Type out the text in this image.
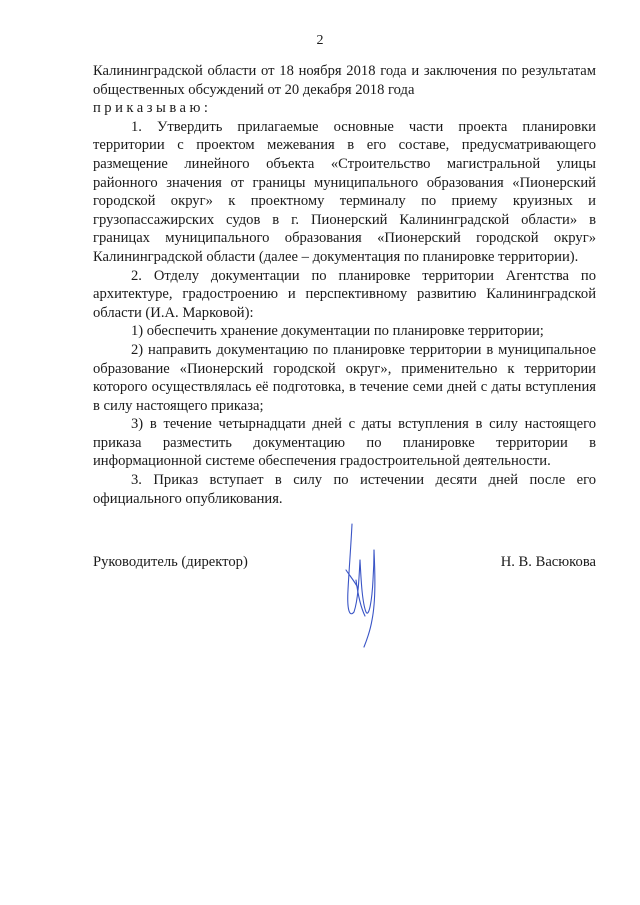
2

Калининградской области от 18 ноября 2018 года и заключения по результатам общественных обсуждений от 20 декабря 2018 года

приказываю:

1. Утвердить прилагаемые основные части проекта планировки территории с проектом межевания в его составе, предусматривающего размещение линейного объекта «Строительство магистральной улицы районного значения от границы муниципального образования «Пионерский городской округ» к проектному терминалу по приему круизных и грузопассажирских судов в г. Пионерский Калининградской области» в границах муниципального образования «Пионерский городской округ» Калининградской области (далее – документация по планировке территории).

2. Отделу документации по планировке территории Агентства по архитектуре, градостроению и перспективному развитию Калининградской области (И.А. Марковой):

1) обеспечить хранение документации по планировке территории;

2) направить документацию по планировке территории в муниципальное образование «Пионерский городской округ», применительно к территории которого осуществлялась её подготовка, в течение семи дней с даты вступления в силу настоящего приказа;

3) в течение четырнадцати дней с даты вступления в силу настоящего приказа разместить документацию по планировке территории в информационной системе обеспечения градостроительной деятельности.

3. Приказ вступает в силу по истечении десяти дней после его официального опубликования.

Руководитель (директор)	Н. В. Васюкова
